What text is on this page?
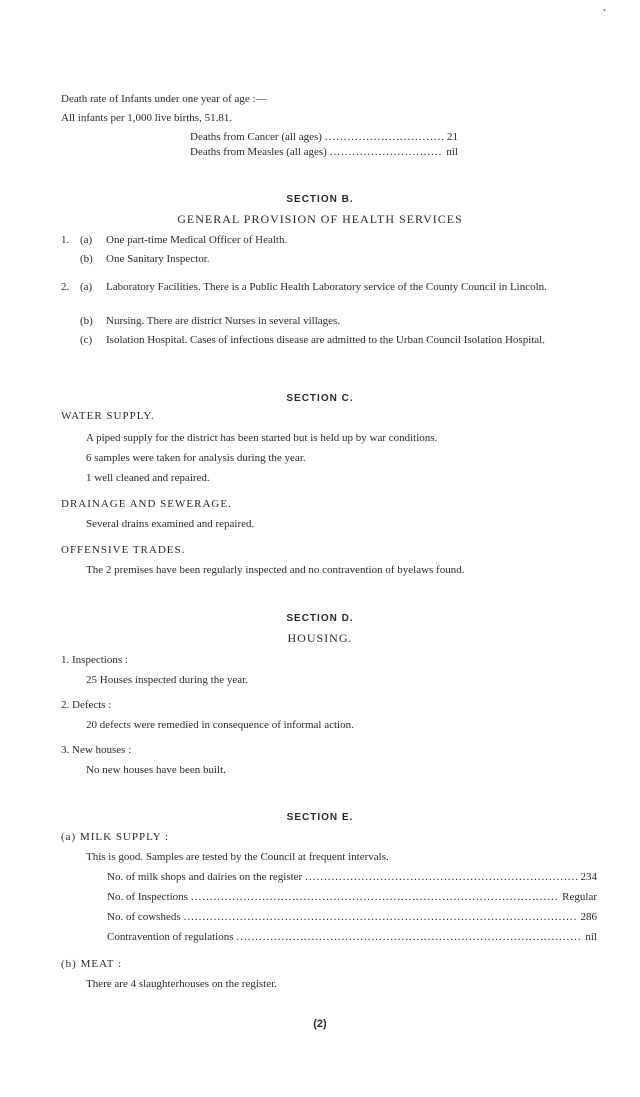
•
Death rate of Infants under one year of age :—
All infants per 1,000 live births, 51.81.
Deaths from Cancer (all ages) .....	21
Deaths from Measles (all ages) .....	nil
SECTION B.
GENERAL PROVISION OF HEALTH SERVICES
1. (a) One part-time Medical Officer of Health.
(b) One Sanitary Inspector.
2. (a) Laboratory Facilities. There is a Public Health Laboratory service of the County Council in Lincoln.
(b) Nursing. There are district Nurses in several villages.
(c) Isolation Hospital. Cases of infectious disease are admitted to the Urban Council Isolation Hospital.
SECTION C.
WATER SUPPLY.
A piped supply for the district has been started but is held up by war conditions.
6 samples were taken for analysis during the year.
1 well cleaned and repaired.
DRAINAGE AND SEWERAGE.
Several drains examined and repaired.
OFFENSIVE TRADES.
The 2 premises have been regularly inspected and no contravention of byelaws found.
SECTION D.
HOUSING.
1. Inspections :
25 Houses inspected during the year.
2. Defects :
20 defects were remedied in consequence of informal action.
3. New houses :
No new houses have been built.
SECTION E.
(a) MILK SUPPLY :
This is good. Samples are tested by the Council at frequent intervals.
No. of milk shops and dairies on the register .....	234
No. of Inspections .....	Regular
No. of cowsheds .....	286
Contravention of regulations .....	nil
(b) MEAT :
There are 4 slaughterhouses on the register.
(2)
